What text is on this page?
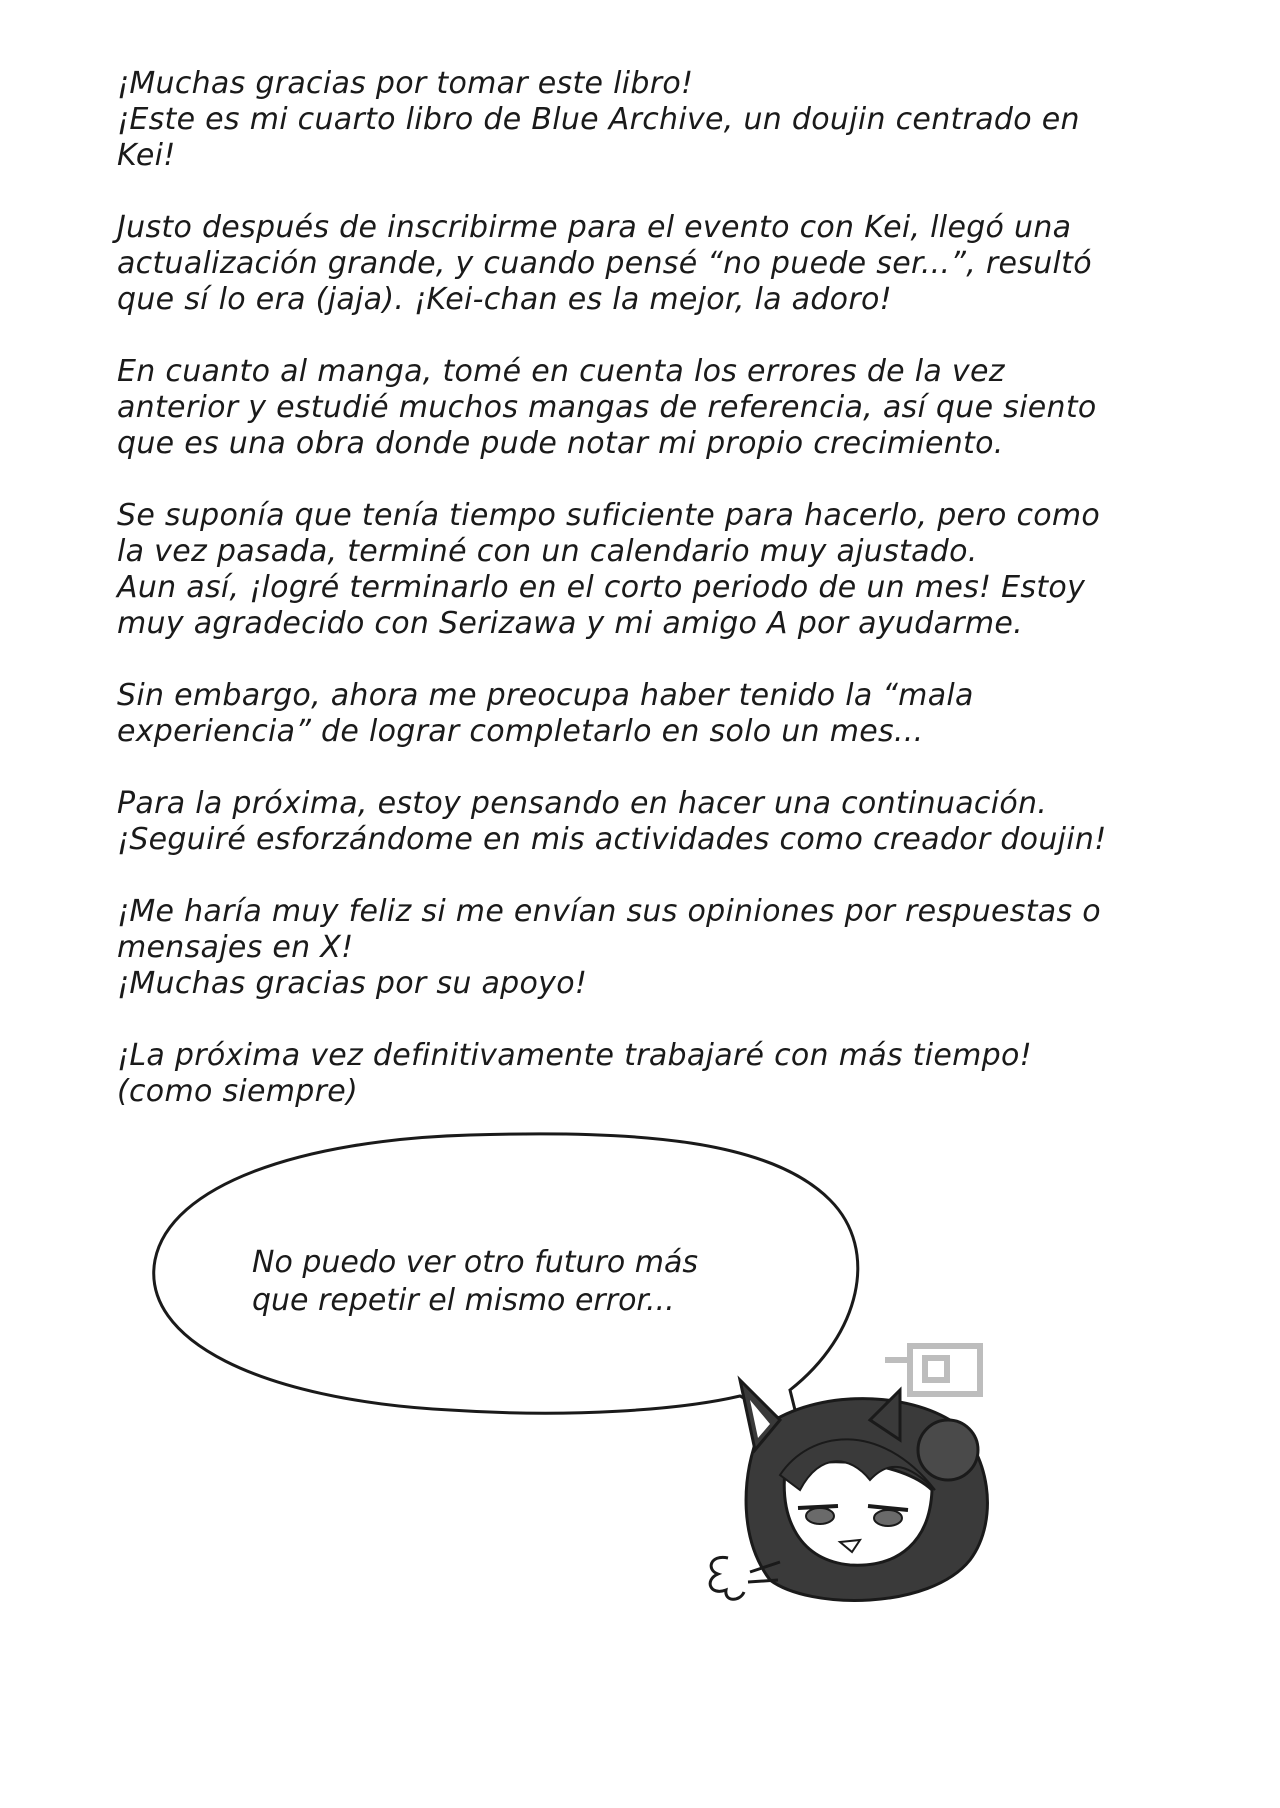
¡Muchas gracias por tomar este libro!
¡Este es mi cuarto libro de Blue Archive, un doujin centrado en
Kei!

Justo después de inscribirme para el evento con Kei, llegó una
actualización grande, y cuando pensé “no puede ser...”, resultó
que sí lo era (jaja). ¡Kei-chan es la mejor, la adoro!

En cuanto al manga, tomé en cuenta los errores de la vez
anterior y estudié muchos mangas de referencia, así que siento
que es una obra donde pude notar mi propio crecimiento.

Se suponía que tenía tiempo suficiente para hacerlo, pero como
la vez pasada, terminé con un calendario muy ajustado.
Aun así, ¡logré terminarlo en el corto periodo de un mes! Estoy
muy agradecido con Serizawa y mi amigo A por ayudarme.

Sin embargo, ahora me preocupa haber tenido la “mala
experiencia” de lograr completarlo en solo un mes...

Para la próxima, estoy pensando en hacer una continuación.
¡Seguiré esforzándome en mis actividades como creador doujin!

¡Me haría muy feliz si me envían sus opiniones por respuestas o
mensajes en X!
¡Muchas gracias por su apoyo!

¡La próxima vez definitivamente trabajaré con más tiempo!
(como siempre)

No puedo ver otro futuro más
que repetir el mismo error...
